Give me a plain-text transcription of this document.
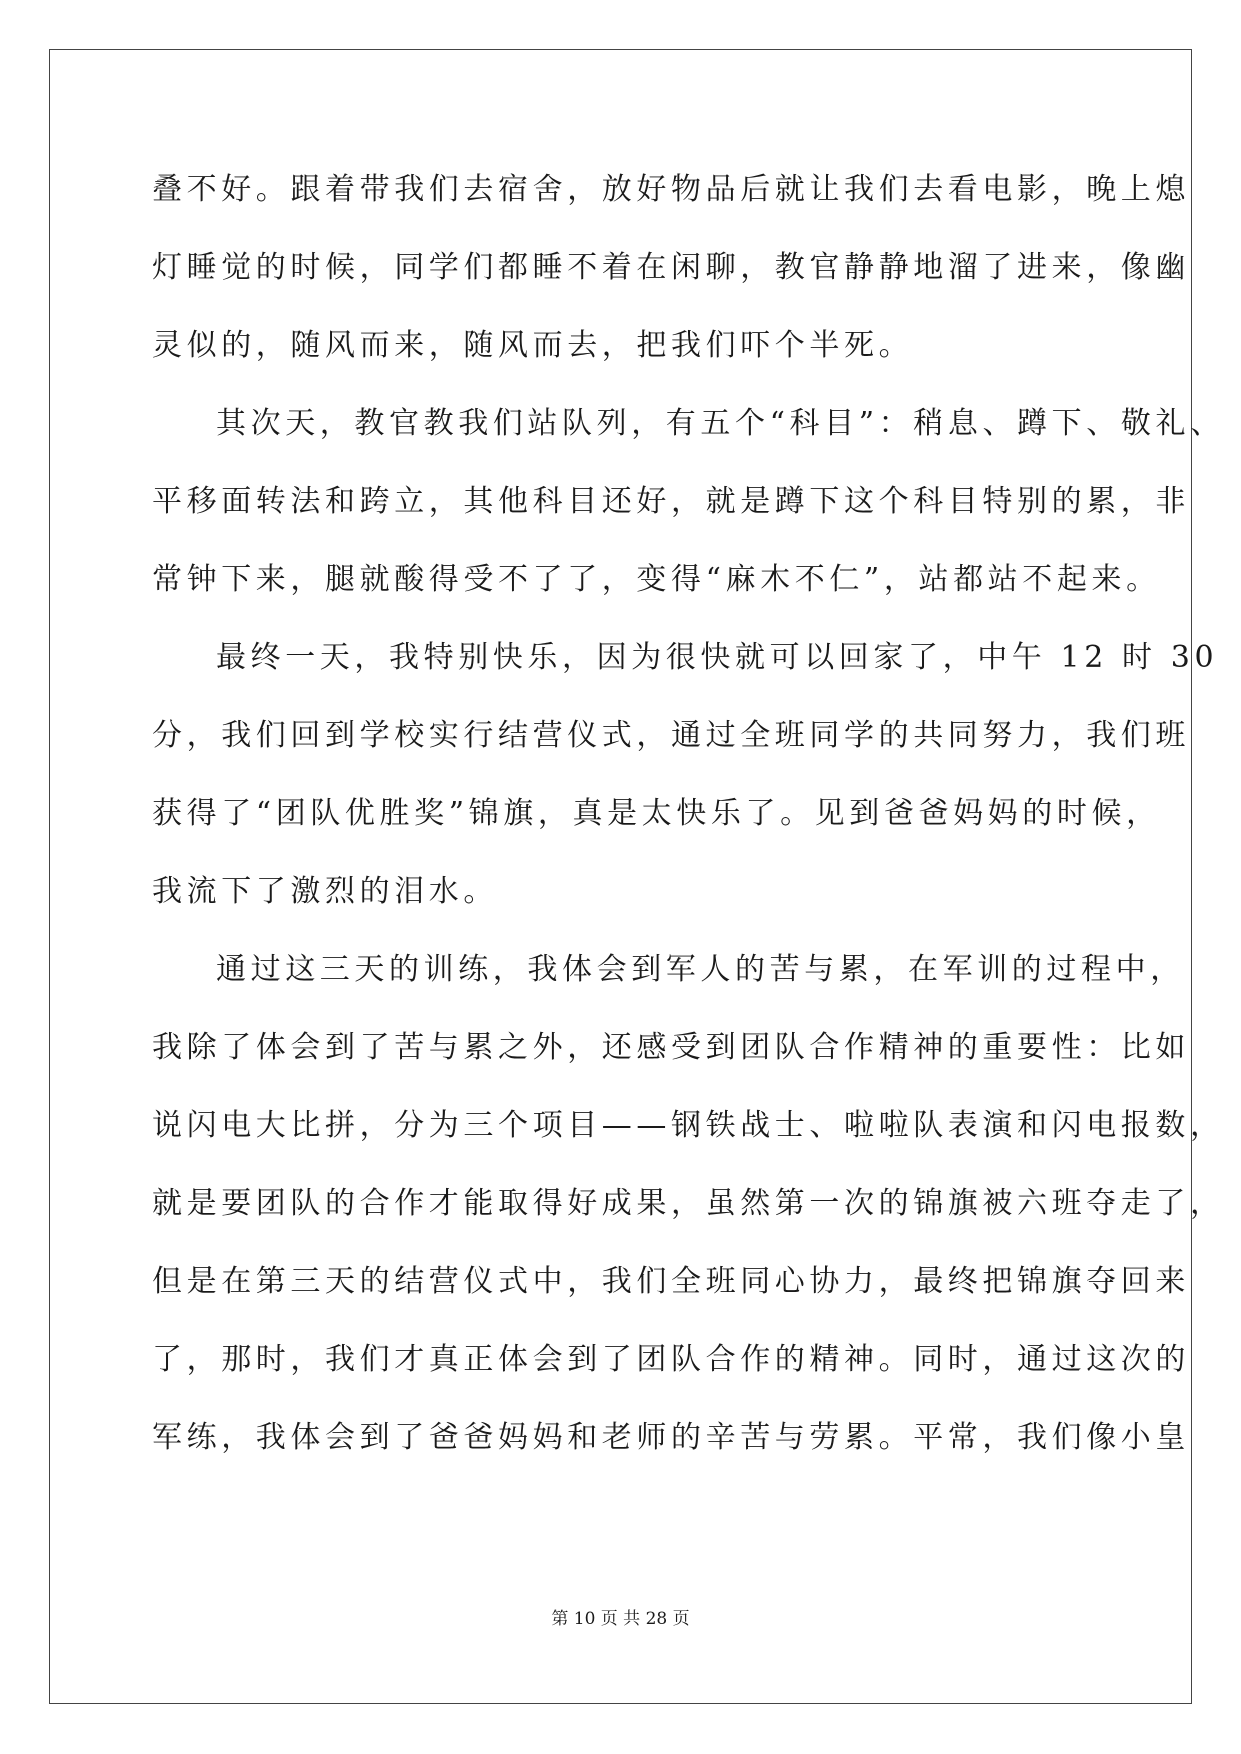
叠不好。跟着带我们去宿舍，放好物品后就让我们去看电影，晚上熄
灯睡觉的时候，同学们都睡不着在闲聊，教官静静地溜了进来，像幽
灵似的，随风而来，随风而去，把我们吓个半死。
其次天，教官教我们站队列，有五个“科目”：稍息、蹲下、敬礼、
平移面转法和跨立，其他科目还好，就是蹲下这个科目特别的累，非
常钟下来，腿就酸得受不了了，变得“麻木不仁”，站都站不起来。
最终一天，我特别快乐，因为很快就可以回家了，中午 12 时 30
分，我们回到学校实行结营仪式，通过全班同学的共同努力，我们班
获得了“团队优胜奖”锦旗，真是太快乐了。见到爸爸妈妈的时候，
我流下了激烈的泪水。
通过这三天的训练，我体会到军人的苦与累，在军训的过程中，
我除了体会到了苦与累之外，还感受到团队合作精神的重要性：比如
说闪电大比拼，分为三个项目——钢铁战士、啦啦队表演和闪电报数，
就是要团队的合作才能取得好成果，虽然第一次的锦旗被六班夺走了，
但是在第三天的结营仪式中，我们全班同心协力，最终把锦旗夺回来
了，那时，我们才真正体会到了团队合作的精神。同时，通过这次的
军练，我体会到了爸爸妈妈和老师的辛苦与劳累。平常，我们像小皇
第 10 页 共 28 页
